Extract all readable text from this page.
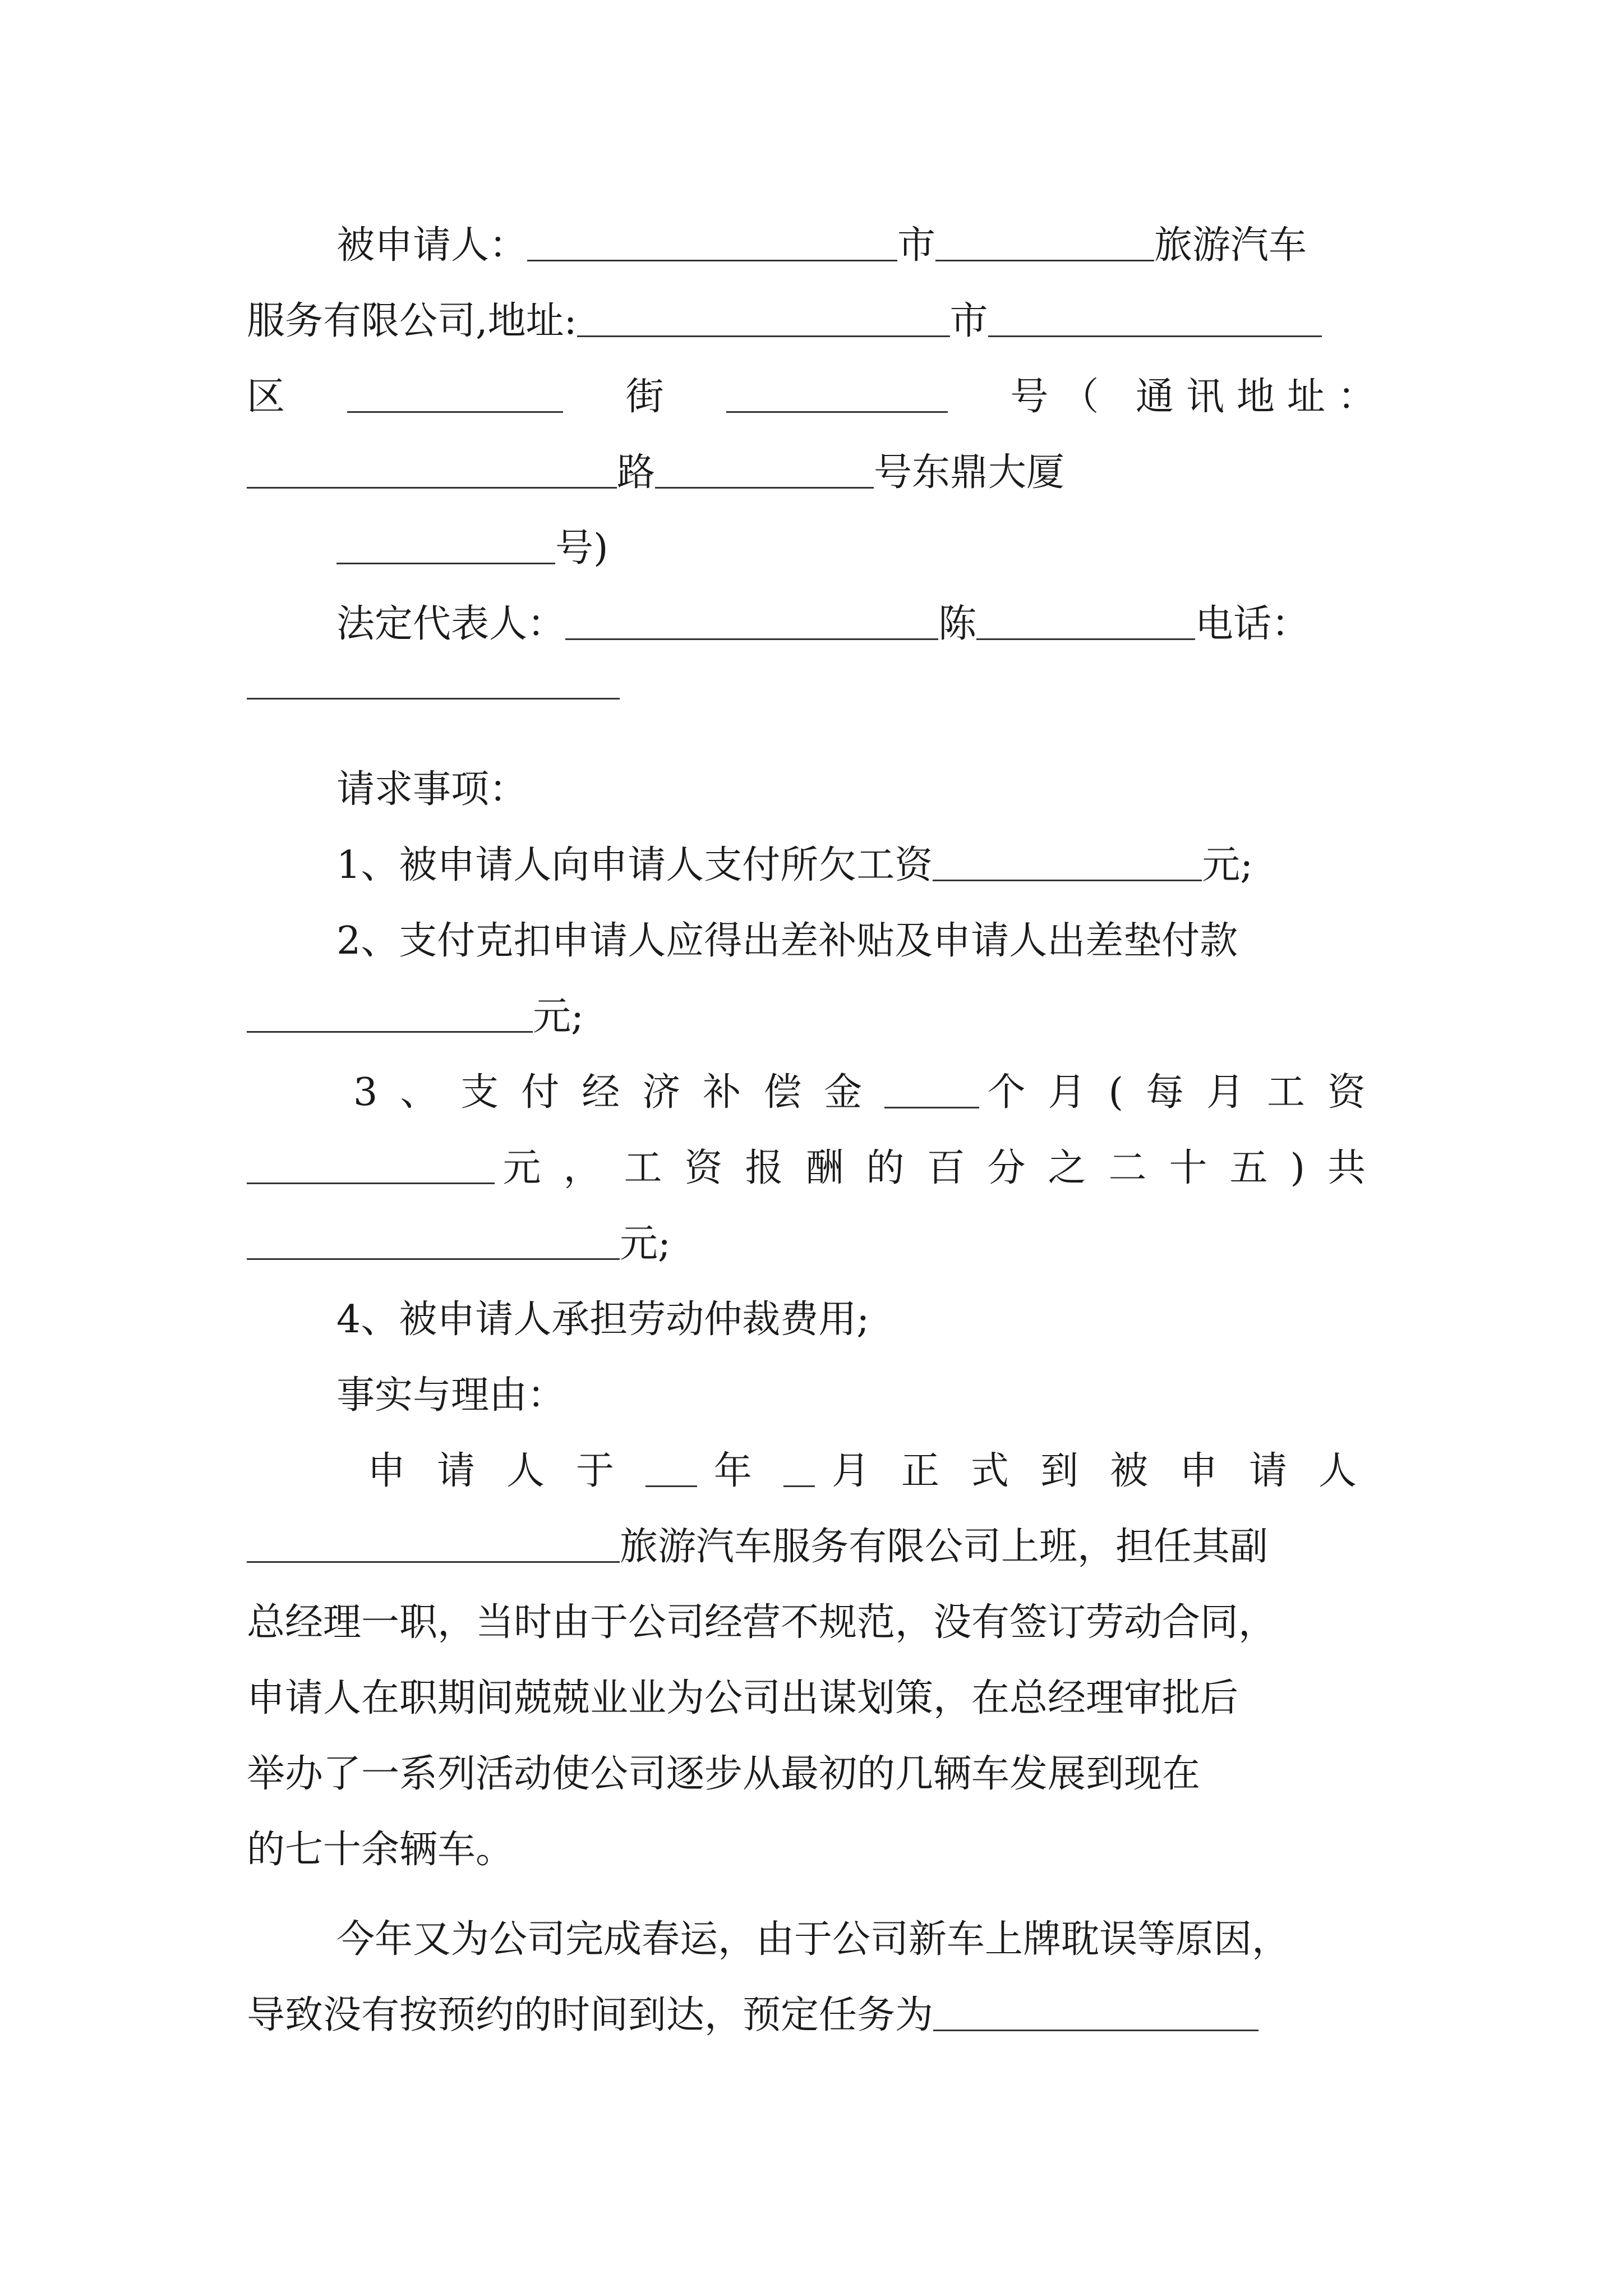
被申请人：	市	旅游汽车
服务有限公司,地址:	市
区	街	号（ 通讯地址：
路	号东鼎大厦
号)
法定代表人：	陈	电话：
请求事项：
1、被申请人向申请人支付所欠工资	元;
2、支付克扣申请人应得出差补贴及申请人出差垫付款
元;
3、支付经济补偿金	个月(每月工资
元，工资报酬的百分之二十五)共
元;
4、被申请人承担劳动仲裁费用;
事实与理由：
申请人于 年 月正式到被申请人
旅游汽车服务有限公司上班，担任其副
总经理一职，当时由于公司经营不规范，没有签订劳动合同，
申请人在职期间兢兢业业为公司出谋划策，在总经理审批后
举办了一系列活动使公司逐步从最初的几辆车发展到现在
的七十余辆车。
今年又为公司完成春运，由于公司新车上牌耽误等原因，
导致没有按预约的时间到达，预定任务为
